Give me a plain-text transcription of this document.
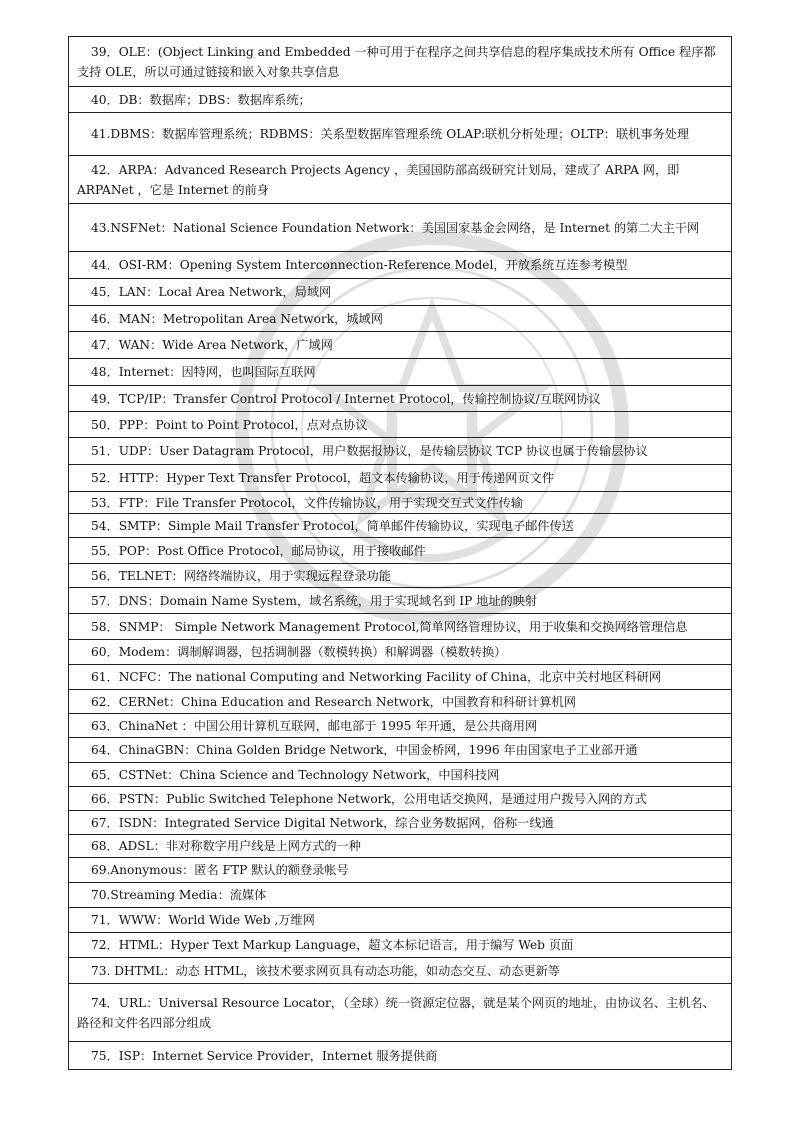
39．OLE：(Object Linking and Embedded 一种可用于在程序之间共享信息的程序集成技术所有 Office 程序都支持 OLE，所以可通过链接和嵌入对象共享信息
40．DB：数据库；DBS：数据库系统；
41.DBMS：数据库管理系统；RDBMS：关系型数据库管理系统 OLAP:联机分析处理；OLTP：联机事务处理
42．ARPA：Advanced Research Projects Agency ，美国国防部高级研究计划局，建成了 ARPA 网，即 ARPANet ，它是 Internet 的前身
43.NSFNet：National Science Foundation Network：美国国家基金会网络，是 Internet 的第二大主干网
44．OSI-RM：Opening System Interconnection-Reference Model，开放系统互连参考模型
45．LAN：Local Area Network，局域网
46．MAN：Metropolitan Area Network，城域网
47．WAN：Wide Area Network，广域网
48．Internet：因特网，也叫国际互联网
49．TCP/IP：Transfer Control Protocol / Internet Protocol，传输控制协议/互联网协议
50．PPP：Point to Point Protocol，点对点协议
51．UDP：User Datagram Protocol，用户数据报协议，是传输层协议 TCP 协议也属于传输层协议
52．HTTP：Hyper Text Transfer Protocol，超文本传输协议，用于传递网页文件
53．FTP：File Transfer Protocol，文件传输协议，用于实现交互式文件传输
54．SMTP：Simple Mail Transfer Protocol，简单邮件传输协议，实现电子邮件传送
55．POP：Post Office Protocol，邮局协议，用于接收邮件
56．TELNET：网络终端协议，用于实现远程登录功能
57．DNS：Domain Name System，域名系统，用于实现域名到 IP 地址的映射
58．SNMP： Simple Network Management Protocol,简单网络管理协议，用于收集和交换网络管理信息
60．Modem：调制解调器，包括调制器（数模转换）和解调器（模数转换）
61．NCFC：The national Computing and Networking Facility of China，北京中关村地区科研网
62．CERNet：China Education and Research Network，中国教育和科研计算机网
63．ChinaNet ：中国公用计算机互联网，邮电部于 1995 年开通，是公共商用网
64．ChinaGBN：China Golden Bridge Network，中国金桥网，1996 年由国家电子工业部开通
65．CSTNet：China Science and Technology Network，中国科技网
66．PSTN：Public Switched Telephone Network，公用电话交换网，是通过用户拨号入网的方式
67．ISDN：Integrated Service Digital Network，综合业务数据网，俗称一线通
68．ADSL：非对称数字用户线是上网方式的一种
69.Anonymous：匿名 FTP 默认的额登录帐号
70.Streaming Media：流媒体
71．WWW：World Wide Web ,万维网
72．HTML：Hyper Text Markup Language，超文本标记语言，用于编写 Web 页面
73. DHTML：动态 HTML，该技术要求网页具有动态功能，如动态交互、动态更新等
74．URL：Universal Resource Locator，（全球）统一资源定位器，就是某个网页的地址，由协议名、主机名、路径和文件名四部分组成
75．ISP：Internet Service Provider，Internet 服务提供商
